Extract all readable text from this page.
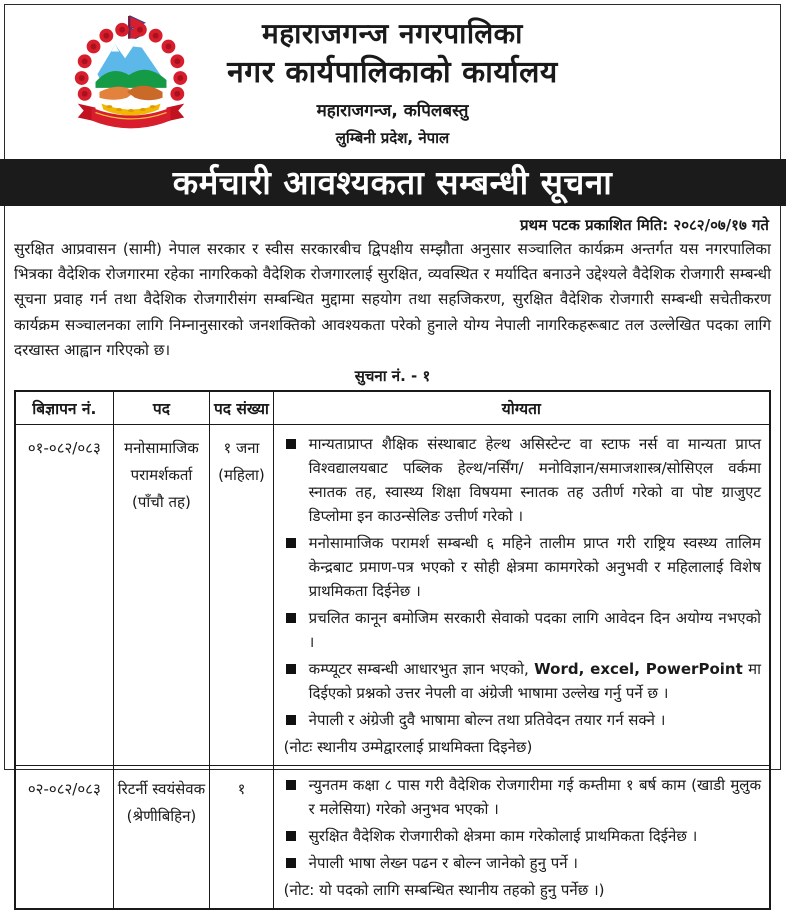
महाराजगन्ज नगरपालिका
नगर कार्यपालिकाको कार्यालय
महाराजगन्ज, कपिलबस्तु
लुम्बिनी प्रदेश, नेपाल
कर्मचारी आवश्यकता सम्बन्धी सूचना
प्रथम पटक प्रकाशित मिति: २०८२/०७/१७ गते

सुरक्षित आप्रवासन (सामी) नेपाल सरकार र स्वीस सरकारबीच द्विपक्षीय सम्झौता अनुसार सञ्चालित कार्यक्रम अन्तर्गत यस नगरपालिका भित्रका वैदेशिक रोजगारमा रहेका नागरिकको वैदेशिक रोजगारलाई सुरक्षित, व्यवस्थित र मर्यादित बनाउने उद्देश्यले वैदेशिक रोजगारी सम्बन्धी सूचना प्रवाह गर्न तथा वैदेशिक रोजगारीसंग सम्बन्धित मुद्दामा सहयोग तथा सहजिकरण, सुरक्षित वैदेशिक रोजगारी सम्बन्धी सचेतीकरण कार्यक्रम सञ्चालनका लागि निम्नानुसारको जनशक्तिको आवश्यकता परेको हुनाले योग्य नेपाली नागरिकहरूबाट तल उल्लेखित पदका लागि दरखास्त आह्वान गरिएको छ।

सुचना नं. - १
बिज्ञापन नं.	पद	पद संख्या	योग्यता
०१-०८२/०८३	मनोसामाजिक परामर्शकर्ता (पाँचौ तह)	१ जना (महिला)	
मान्यताप्राप्त शैक्षिक संस्थाबाट हेल्थ असिस्टेन्ट वा स्टाफ नर्स वा मान्यता प्राप्त विश्वद्यालयबाट पब्लिक हेल्थ/नर्सिंग/ मनोविज्ञान/समाजशास्त्र/सोसिएल वर्कमा स्नातक तह, स्वास्थ्य शिक्षा विषयमा स्नातक तह उतीर्ण गरेको वा पोष्ट ग्राजुएट डिप्लोमा इन काउन्सेलिङ उत्तीर्ण गरेको ।
मनोसामाजिक परामर्श सम्बन्धी ६ महिने तालीम प्राप्त गरी राष्ट्रिय स्वस्थ्य तालिम केन्द्रबाट प्रमाण-पत्र भएको र सोही क्षेत्रमा कामगरेको अनुभवी र महिलालाई विशेष प्राथमिकता दिईनेछ ।
प्रचलित कानून बमोजिम सरकारी सेवाको पदका लागि आवेदन दिन अयोग्य नभएको ।
कम्प्यूटर सम्बन्धी आधारभुत ज्ञान भएको, Word, excel, PowerPoint मा दिईएको प्रश्नको उत्तर नेपली वा अंग्रेजी भाषामा उल्लेख गर्नु पर्ने छ ।
नेपाली र अंग्रेजी दुवै भाषामा बोल्न तथा प्रतिवेदन तयार गर्न सक्ने ।
(नोटः स्थानीय उम्मेद्वारलाई प्राथमिक्ता दिइनेछ)

०२-०८२/०८३	रिटर्नी स्वयंसेवक (श्रेणीबिहिन)	१	न्युनतम कक्षा ८ पास गरी वैदेशिक रोजगारीमा गई कम्तीमा १ बर्ष काम (खाडी मुलुक र मलेसिया) गरेको अनुभव भएको ।
सुरक्षित वैदेशिक रोजगारीको क्षेत्रमा काम गरेकोलाई प्राथमिकता दिईनेछ ।
नेपाली भाषा लेख्न पढन र बोल्न जानेको हुनु पर्ने ।
(नोट: यो पदको लागि सम्बन्धित स्थानीय तहको हुनु पर्नेछ ।)
